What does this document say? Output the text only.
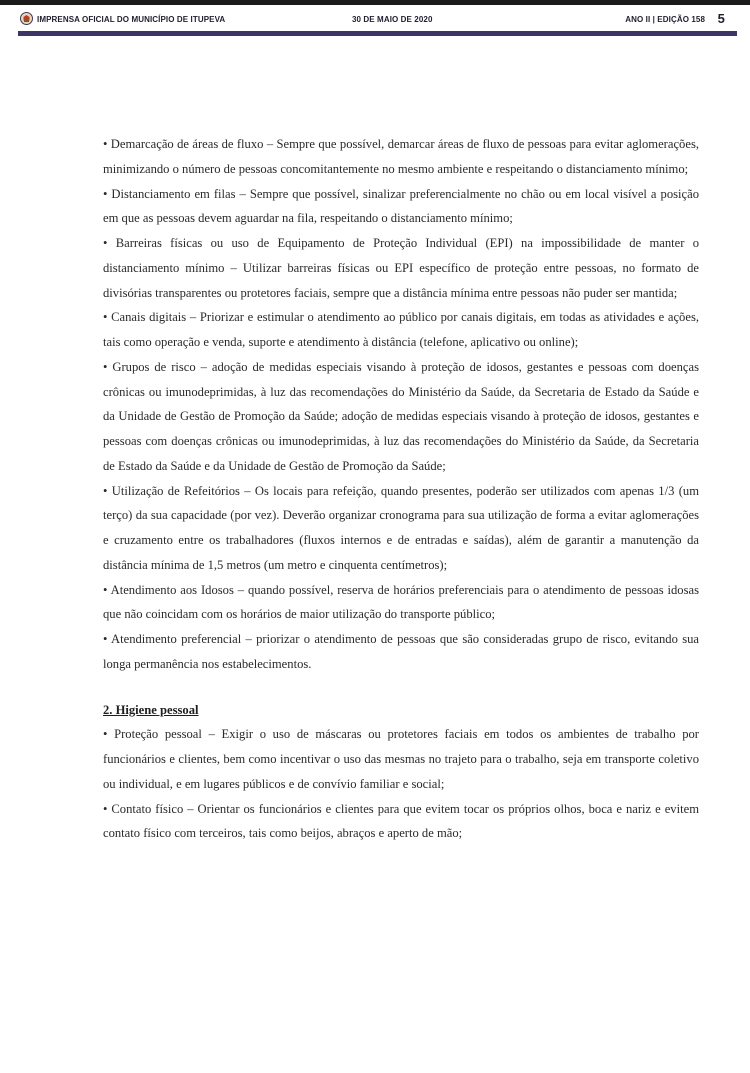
IMPRENSA OFICIAL DO MUNICÍPIO DE ITUPEVA	30 DE MAIO DE 2020	ANO II | EDIÇÃO 158 5

• Demarcação de áreas de fluxo – Sempre que possível, demarcar áreas de fluxo de pessoas para evitar aglomerações, minimizando o número de pessoas concomitantemente no mesmo ambiente e respeitando o distanciamento mínimo;

• Distanciamento em filas – Sempre que possível, sinalizar preferencialmente no chão ou em local visível a posição em que as pessoas devem aguardar na fila, respeitando o distanciamento mínimo;

• Barreiras físicas ou uso de Equipamento de Proteção Individual (EPI) na impossibilidade de manter o distanciamento mínimo – Utilizar barreiras físicas ou EPI específico de proteção entre pessoas, no formato de divisórias transparentes ou protetores faciais, sempre que a distância mínima entre pessoas não puder ser mantida;

• Canais digitais – Priorizar e estimular o atendimento ao público por canais digitais, em todas as atividades e ações, tais como operação e venda, suporte e atendimento à distância (telefone, aplicativo ou online);

• Grupos de risco – adoção de medidas especiais visando à proteção de idosos, gestantes e pessoas com doenças crônicas ou imunodeprimidas, à luz das recomendações do Ministério da Saúde, da Secretaria de Estado da Saúde e da Unidade de Gestão de Promoção da Saúde; adoção de medidas especiais visando à proteção de idosos, gestantes e pessoas com doenças crônicas ou imunodeprimidas, à luz das recomendações do Ministério da Saúde, da Secretaria de Estado da Saúde e da Unidade de Gestão de Promoção da Saúde;

• Utilização de Refeitórios – Os locais para refeição, quando presentes, poderão ser utilizados com apenas 1/3 (um terço) da sua capacidade (por vez). Deverão organizar cronograma para sua utilização de forma a evitar aglomerações e cruzamento entre os trabalhadores (fluxos internos e de entradas e saídas), além de garantir a manutenção da distância mínima de 1,5 metros (um metro e cinquenta centímetros);

• Atendimento aos Idosos – quando possível, reserva de horários preferenciais para o atendimento de pessoas idosas que não coincidam com os horários de maior utilização do transporte público;

• Atendimento preferencial – priorizar o atendimento de pessoas que são consideradas grupo de risco, evitando sua longa permanência nos estabelecimentos.

2. Higiene pessoal

• Proteção pessoal – Exigir o uso de máscaras ou protetores faciais em todos os ambientes de trabalho por funcionários e clientes, bem como incentivar o uso das mesmas no trajeto para o trabalho, seja em transporte coletivo ou individual, e em lugares públicos e de convívio familiar e social;

• Contato físico – Orientar os funcionários e clientes para que evitem tocar os próprios olhos, boca e nariz e evitem contato físico com terceiros, tais como beijos, abraços e aperto de mão;
